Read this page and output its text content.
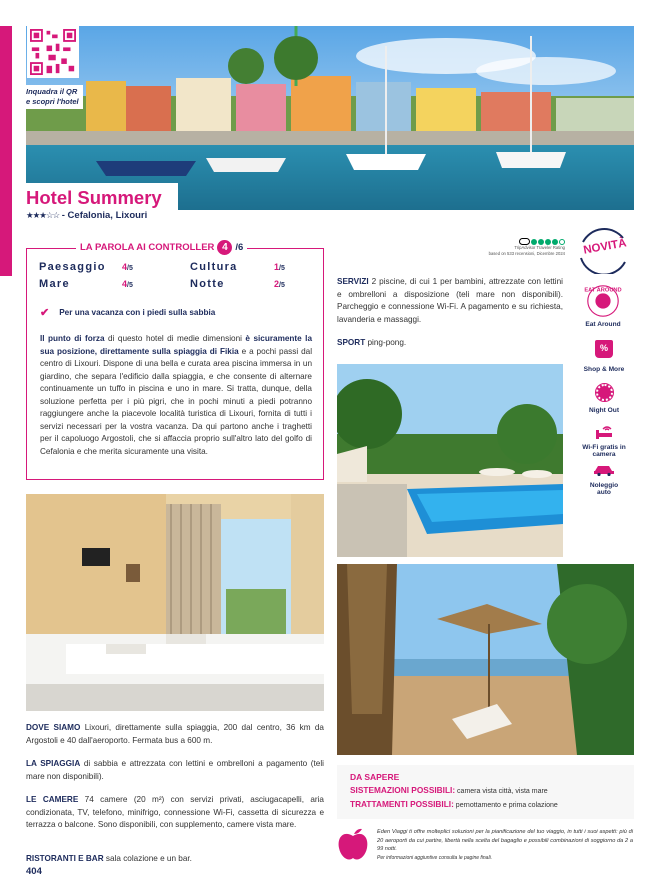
Inquadra il QR
e scopri l'hotel
Hotel Summery
★★★☆☆ - Cefalonia, Lixouri
LA PAROLA AI CONTROLLER 4 /6
Paesaggio 4/5	Cultura	1/5
Mare	4/5	Notte	2/5
✔ Per una vacanza con i piedi sulla sabbia
Il punto di forza di questo hotel di medie dimensioni è sicuramente la sua posizione, direttamente sulla spiaggia di Fikia e a pochi passi dal centro di Lixouri. Dispone di una bella e curata area piscina immersa in un giardino, che separa l'edificio dalla spiaggia, e che consente di alternare continuamente un tuffo in piscina e uno in mare. Si tratta, dunque, della soluzione perfetta per i più pigri, che in pochi minuti a piedi potranno raggiungere anche la piacevole località turistica di Lixouri, fornita di tutti i servizi necessari per la vostra vacanza. Da qui partono anche i traghetti per il capoluogo Argostoli, che si affaccia proprio sull'altro lato del golfo di Cefalonia e che merita sicuramente una visita.
TripAdvisor Traveler Rating
based on 533 recensioni, Dicembre 2024	NOVITÀ
SERVIZI 2 piscine, di cui 1 per bambini, attrezzate con lettini e ombrelloni a disposizione (teli mare non disponibili). Parcheggio e connessione Wi-Fi. A pagamento e su richiesta, lavanderia e massaggi.
SPORT ping-pong.
EAT AROUND
Eat Around
%
Shop & More
Night Out
Wi-Fi gratis in camera
Noleggio auto
DOVE SIAMO Lixouri, direttamente sulla spiaggia, 200 dal centro, 36 km da Argostoli e 40 dall'aeroporto. Fermata bus a 600 m.
LA SPIAGGIA di sabbia e attrezzata con lettini e ombrelloni a pagamento (teli mare non disponibili).
LE CAMERE 74 camere (20 m²) con servizi privati, asciugacapelli, aria condizionata, TV, telefono, minifrigo, connessione Wi-Fi, cassetta di sicurezza e terrazza o balcone. Sono disponibili, con supplemento, camere vista mare.
RISTORANTI E BAR sala colazione e un bar.
404
DA SAPERE
SISTEMAZIONI POSSIBILI: camera vista città, vista mare
TRATTAMENTI POSSIBILI: pernottamento e prima colazione
Eden Viaggi ti offre molteplici soluzioni per la pianificazione del tuo viaggio, in tutti i suoi aspetti: più di 20 aeroporti da cui partire, libertà nella scelta del bagaglio e possibili combinazioni di soggiorno da 2 a 99 notti.
Per informazioni aggiuntive consulta le pagine finali.
